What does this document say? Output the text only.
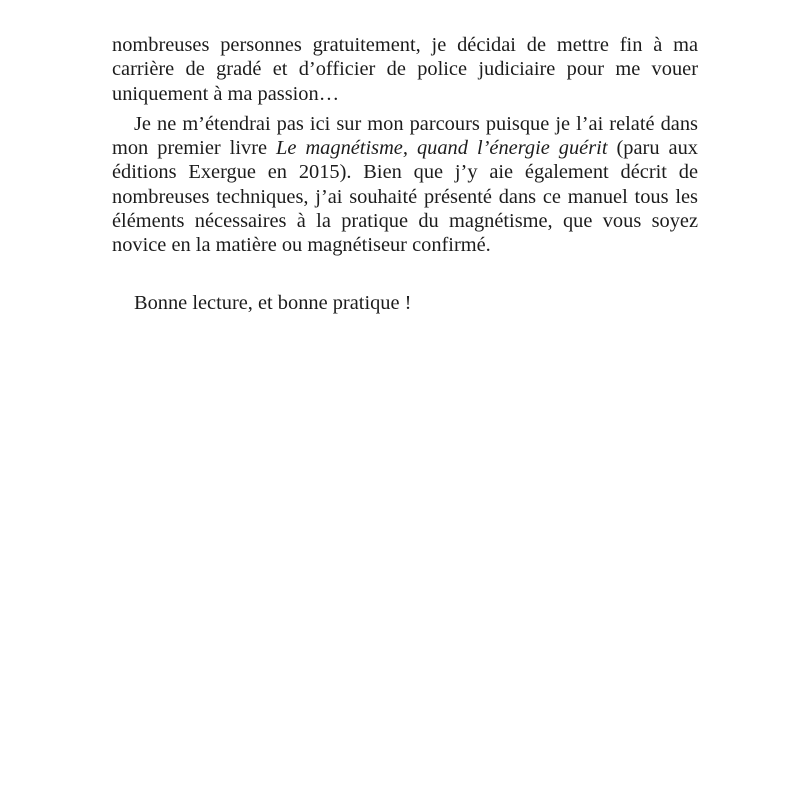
nombreuses personnes gratuitement, je décidai de mettre fin à ma carrière de gradé et d’officier de police judiciaire pour me vouer uniquement à ma passion…

Je ne m’étendrai pas ici sur mon parcours puisque je l’ai relaté dans mon premier livre Le magnétisme, quand l’énergie guérit (paru aux éditions Exergue en 2015). Bien que j’y aie également décrit de nombreuses techniques, j’ai souhaité présenté dans ce manuel tous les éléments nécessaires à la pratique du magnétisme, que vous soyez novice en la matière ou magnétiseur confirmé.

Bonne lecture, et bonne pratique !
